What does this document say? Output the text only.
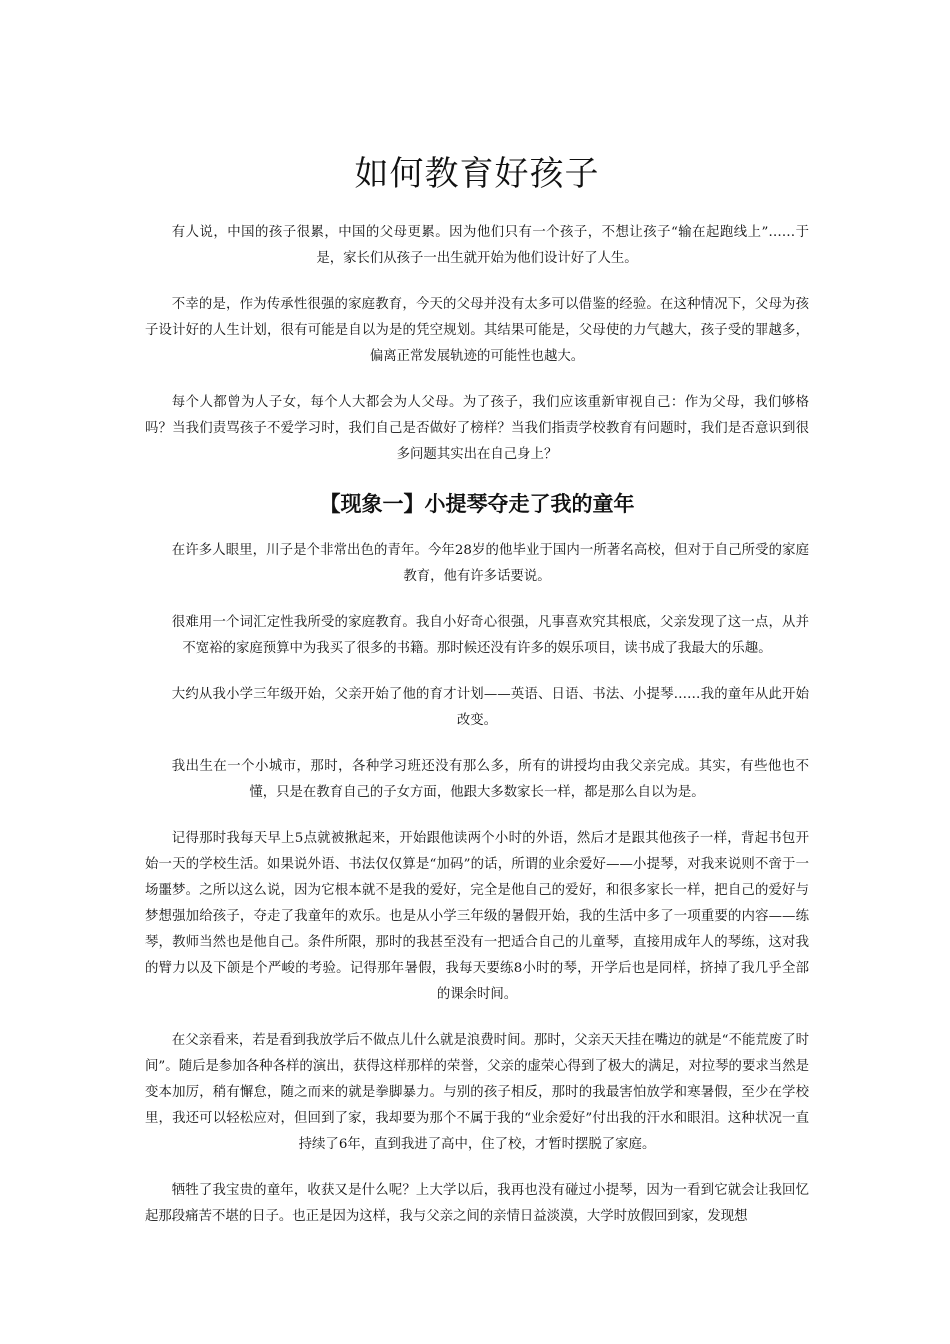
如何教育好孩子

有人说，中国的孩子很累，中国的父母更累。因为他们只有一个孩子，不想让孩子“输在起跑线上”……于是，家长们从孩子一出生就开始为他们设计好了人生。

不幸的是，作为传承性很强的家庭教育，今天的父母并没有太多可以借鉴的经验。在这种情况下，父母为孩子设计好的人生计划，很有可能是自以为是的凭空规划。其结果可能是，父母使的力气越大，孩子受的罪越多，偏离正常发展轨迹的可能性也越大。

每个人都曾为人子女，每个人大都会为人父母。为了孩子，我们应该重新审视自己：作为父母，我们够格吗？当我们责骂孩子不爱学习时，我们自己是否做好了榜样？当我们指责学校教育有问题时，我们是否意识到很多问题其实出在自己身上？

【现象一】小提琴夺走了我的童年

在许多人眼里，川子是个非常出色的青年。今年28岁的他毕业于国内一所著名高校，但对于自己所受的家庭教育，他有许多话要说。

很难用一个词汇定性我所受的家庭教育。我自小好奇心很强，凡事喜欢究其根底，父亲发现了这一点，从并不宽裕的家庭预算中为我买了很多的书籍。那时候还没有许多的娱乐项目，读书成了我最大的乐趣。

大约从我小学三年级开始，父亲开始了他的育才计划——英语、日语、书法、小提琴……我的童年从此开始改变。

我出生在一个小城市，那时，各种学习班还没有那么多，所有的讲授均由我父亲完成。其实，有些他也不懂，只是在教育自己的子女方面，他跟大多数家长一样，都是那么自以为是。

记得那时我每天早上5点就被揪起来，开始跟他读两个小时的外语，然后才是跟其他孩子一样，背起书包开始一天的学校生活。如果说外语、书法仅仅算是“加码”的话，所谓的业余爱好——小提琴，对我来说则不啻于一场噩梦。之所以这么说，因为它根本就不是我的爱好，完全是他自己的爱好，和很多家长一样，把自己的爱好与梦想强加给孩子，夺走了我童年的欢乐。也是从小学三年级的暑假开始，我的生活中多了一项重要的内容——练琴，教师当然也是他自己。条件所限，那时的我甚至没有一把适合自己的儿童琴，直接用成年人的琴练，这对我的臂力以及下颌是个严峻的考验。记得那年暑假，我每天要练8小时的琴，开学后也是同样，挤掉了我几乎全部的课余时间。

在父亲看来，若是看到我放学后不做点儿什么就是浪费时间。那时，父亲天天挂在嘴边的就是“不能荒废了时间”。随后是参加各种各样的演出，获得这样那样的荣誉，父亲的虚荣心得到了极大的满足，对拉琴的要求当然是变本加厉，稍有懈怠，随之而来的就是拳脚暴力。与别的孩子相反，那时的我最害怕放学和寒暑假，至少在学校里，我还可以轻松应对，但回到了家，我却要为那个不属于我的“业余爱好”付出我的汗水和眼泪。这种状况一直持续了6年，直到我进了高中，住了校，才暂时摆脱了家庭。

牺牲了我宝贵的童年，收获又是什么呢？上大学以后，我再也没有碰过小提琴，因为一看到它就会让我回忆起那段痛苦不堪的日子。也正是因为这样，我与父亲之间的亲情日益淡漠，大学时放假回到家，发现想
